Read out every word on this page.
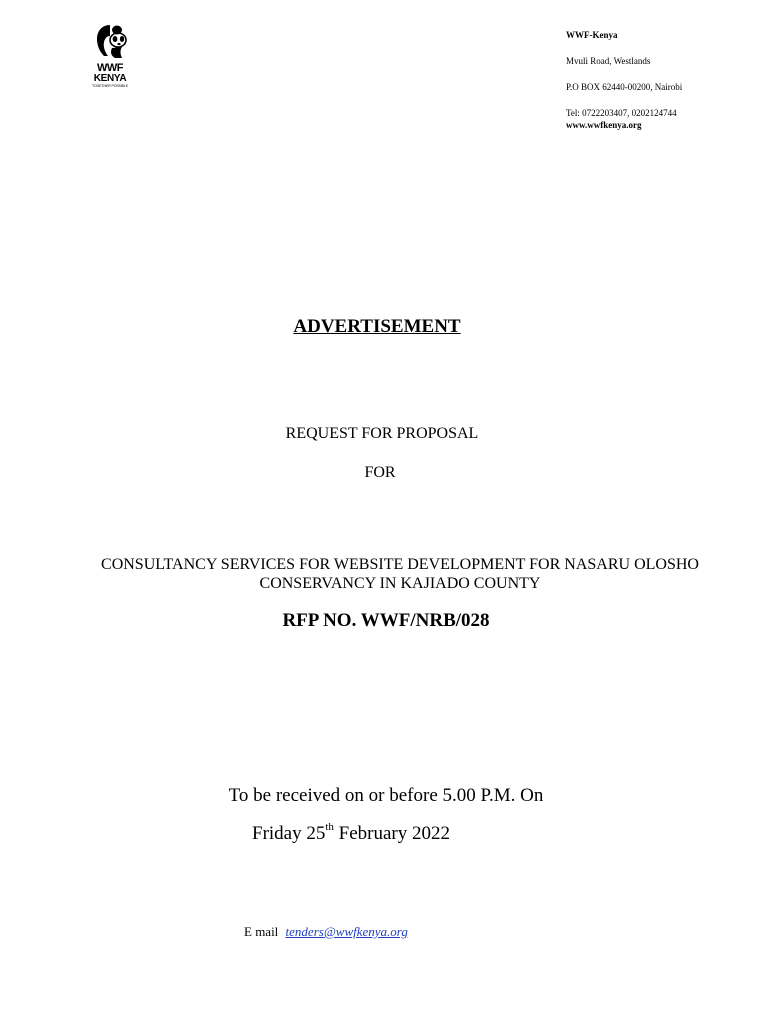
WWF
KENYA
TOGETHER POSSIBLE
WWF-Kenya
Mvuli Road, Westlands
P.O BOX 62440-00200, Nairobi
Tel: 0722203407, 0202124744
www.wwfkenya.org
ADVERTISEMENT
REQUEST FOR PROPOSAL
FOR
CONSULTANCY SERVICES FOR WEBSITE DEVELOPMENT FOR NASARU OLOSHO
CONSERVANCY IN KAJIADO COUNTY
RFP NO. WWF/NRB/028
To be received on or before 5.00 P.M. On
Friday 25th February 2022
E mail tenders@wwfkenya.org
